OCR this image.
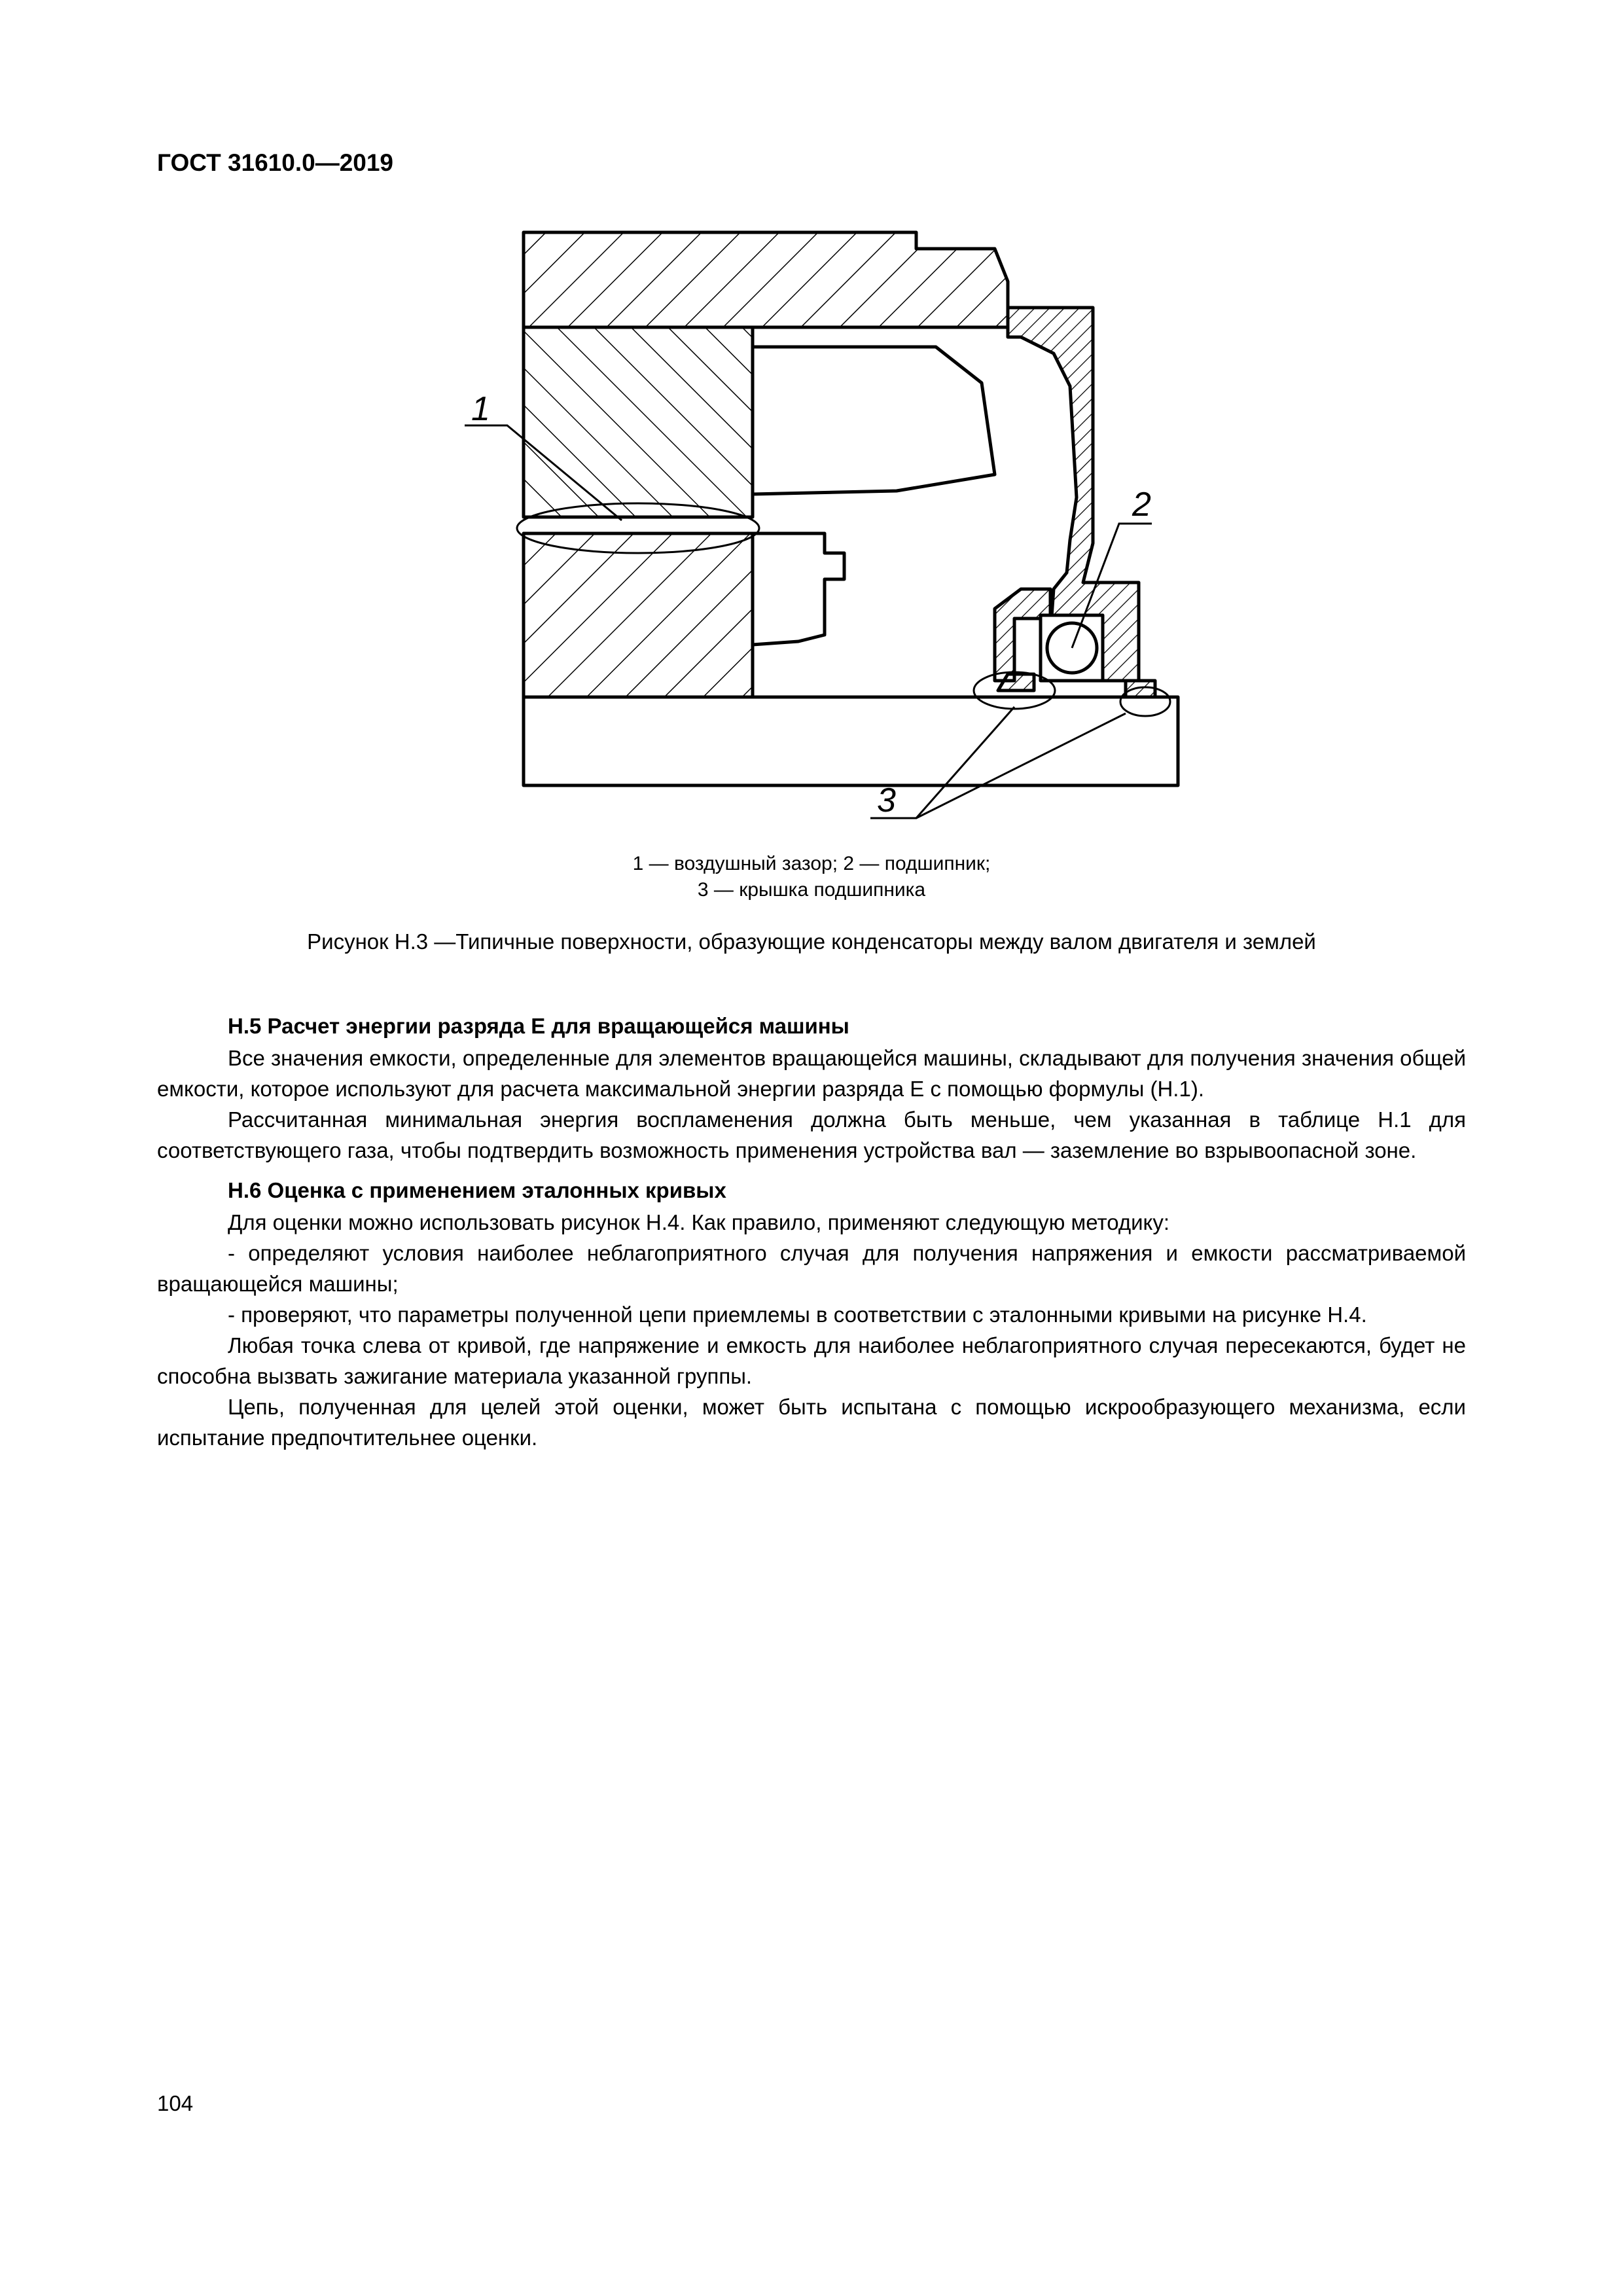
ГОСТ 31610.0—2019
1
2
3
1 — воздушный зазор; 2 — подшипник;
3 — крышка подшипника
Рисунок Н.3 —Типичные поверхности, образующие конденсаторы между валом двигателя и землей

Н.5 Расчет энергии разряда E для вращающейся машины

Все значения емкости, определенные для элементов вращающейся машины, складывают для получения значения общей емкости, которое используют для расчета максимальной энергии разряда E с помощью формулы (Н.1).

Рассчитанная минимальная энергия воспламенения должна быть меньше, чем указанная в таблице Н.1 для соответствующего газа, чтобы подтвердить возможность применения устройства вал — заземление во взрывоопасной зоне.

Н.6 Оценка с применением эталонных кривых

Для оценки можно использовать рисунок Н.4. Как правило, применяют следующую методику:

- определяют условия наиболее неблагоприятного случая для получения напряжения и емкости рассматриваемой вращающейся машины;

- проверяют, что параметры полученной цепи приемлемы в соответствии с эталонными кривыми на рисунке Н.4.

Любая точка слева от кривой, где напряжение и емкость для наиболее неблагоприятного случая пересекаются, будет не способна вызвать зажигание материала указанной группы.

Цепь, полученная для целей этой оценки, может быть испытана с помощью искрообразующего механизма, если испытание предпочтительнее оценки.

104
